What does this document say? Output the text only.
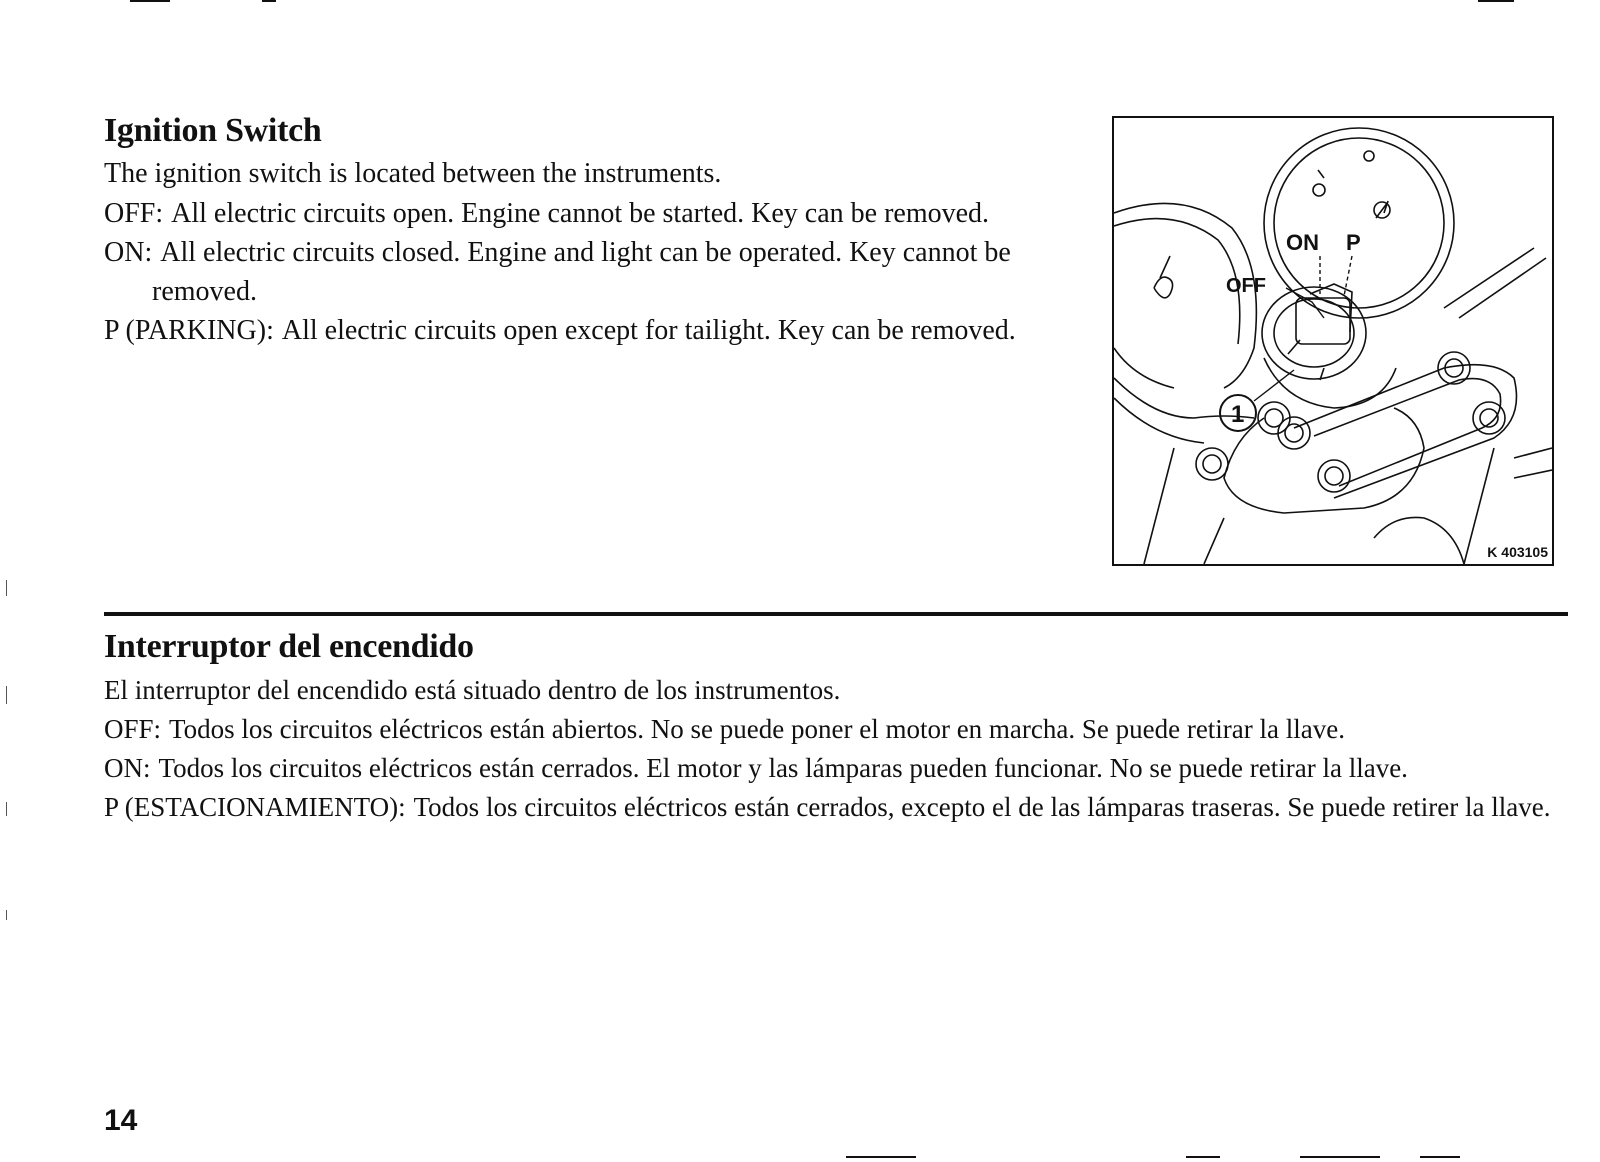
Ignition Switch

The ignition switch is located between the instruments.

OFF: All electric circuits open. Engine cannot be started. Key can be removed.

ON: All electric circuits closed. Engine and light can be operated. Key cannot be removed.

P (PARKING): All electric circuits open except for tailight. Key can be removed.

ON P
OFF
1
K 403105
Interruptor del encendido

El interruptor del encendido está situado dentro de los instrumentos.

OFF: Todos los circuitos eléctricos están abiertos. No se puede poner el motor en marcha. Se puede retirar la llave.

ON: Todos los circuitos eléctricos están cerrados. El motor y las lámparas pueden funcionar. No se puede retirar la llave.

P (ESTACIONAMIENTO): Todos los circuitos eléctricos están cerrados, excepto el de las lámparas traseras. Se puede retirer la llave.

14
